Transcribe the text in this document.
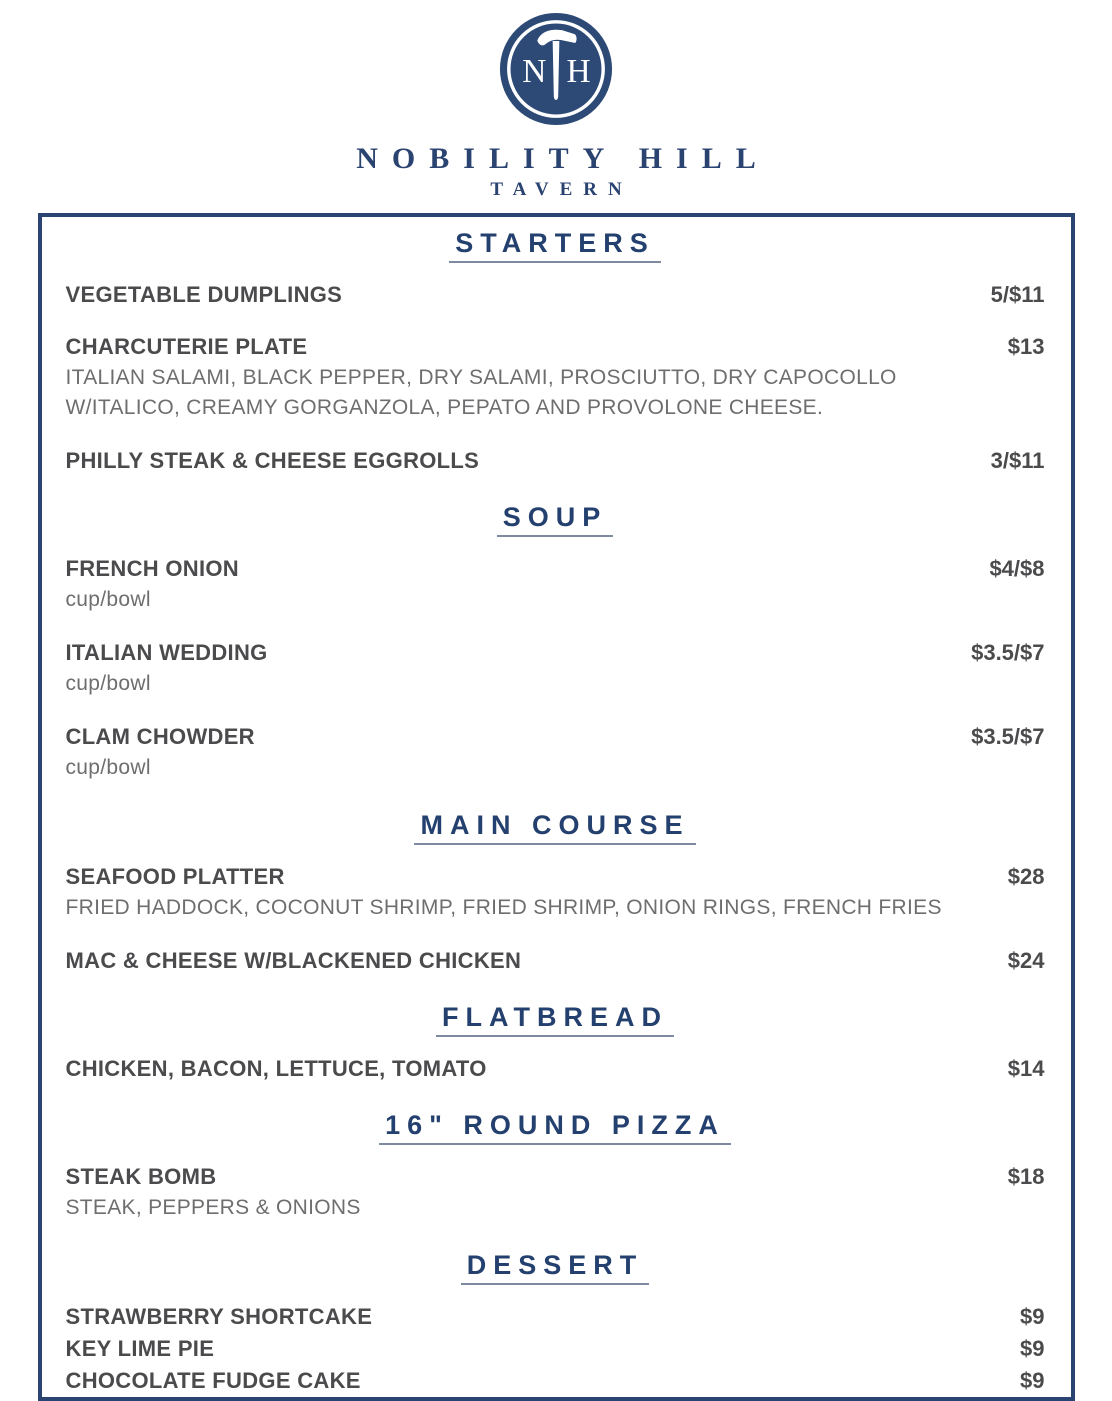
N H
NOBILITY HILL
TAVERN
STARTERS
VEGETABLE DUMPLINGS	5/$11
CHARCUTERIE PLATE	$13
ITALIAN SALAMI, BLACK PEPPER, DRY SALAMI, PROSCIUTTO, DRY CAPOCOLLO W/ITALICO, CREAMY GORGANZOLA, PEPATO AND PROVOLONE CHEESE.
PHILLY STEAK & CHEESE EGGROLLS	3/$11
SOUP
FRENCH ONION	$4/$8
cup/bowl
ITALIAN WEDDING	$3.5/$7
cup/bowl
CLAM CHOWDER	$3.5/$7
cup/bowl
MAIN COURSE
SEAFOOD PLATTER	$28
FRIED HADDOCK, COCONUT SHRIMP, FRIED SHRIMP, ONION RINGS, FRENCH FRIES
MAC & CHEESE W/BLACKENED CHICKEN	$24
FLATBREAD
CHICKEN, BACON, LETTUCE, TOMATO	$14
16" ROUND PIZZA
STEAK BOMB	$18
STEAK, PEPPERS & ONIONS
DESSERT
STRAWBERRY SHORTCAKE	$9
KEY LIME PIE	$9
CHOCOLATE FUDGE CAKE	$9
